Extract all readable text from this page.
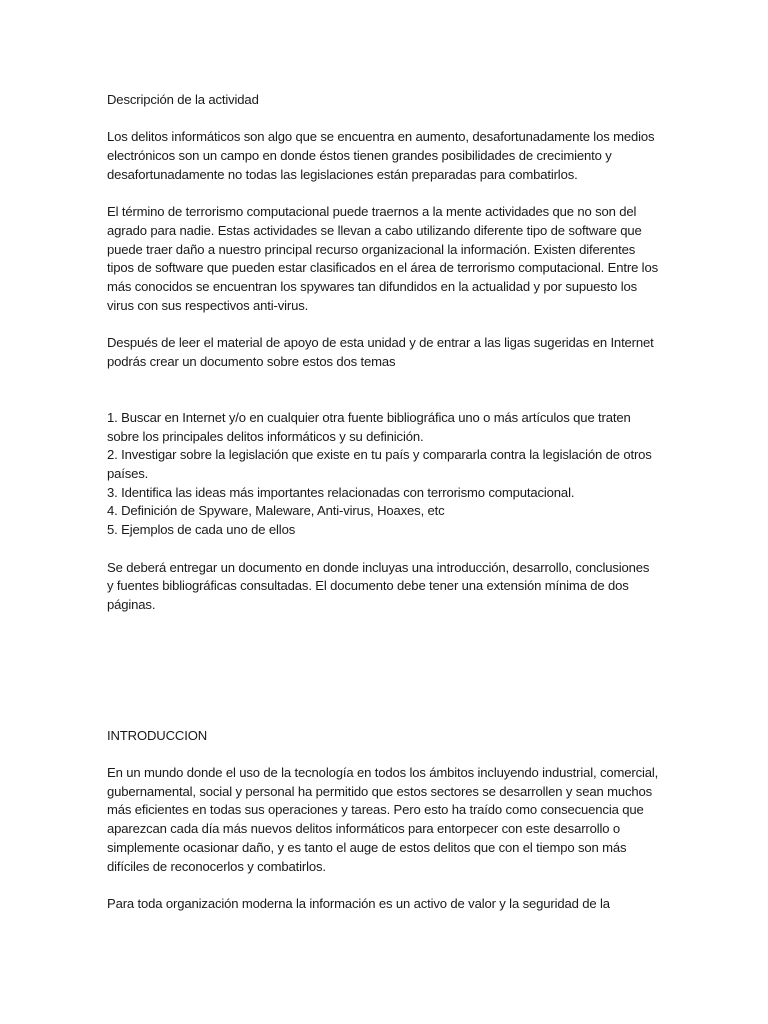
Descripción de la actividad

Los delitos informáticos son algo que se encuentra en aumento, desafortunadamente los medios electrónicos son un campo en donde éstos tienen grandes posibilidades de crecimiento y desafortunadamente no todas las legislaciones están preparadas para combatirlos.

El término de terrorismo computacional puede traernos a la mente actividades que no son del agrado para nadie. Estas actividades se llevan a cabo utilizando diferente tipo de software que puede traer daño a nuestro principal recurso organizacional la información. Existen diferentes tipos de software que pueden estar clasificados en el área de terrorismo computacional. Entre los más conocidos se encuentran los spywares tan difundidos en la actualidad y por supuesto los virus con sus respectivos anti-virus.

Después de leer el material de apoyo de esta unidad y de entrar a las ligas sugeridas en Internet podrás crear un documento sobre estos dos temas

1. Buscar en Internet y/o en cualquier otra fuente bibliográfica uno o más artículos que traten sobre los principales delitos informáticos y su definición.

2. Investigar sobre la legislación que existe en tu país y compararla contra la legislación de otros países.

3. Identifica las ideas más importantes relacionadas con terrorismo computacional.

4. Definición de Spyware, Maleware, Anti-virus, Hoaxes, etc

5. Ejemplos de cada uno de ellos

Se deberá entregar un documento en donde incluyas una introducción, desarrollo, conclusiones y fuentes bibliográficas consultadas. El documento debe tener una extensión mínima de dos páginas.

INTRODUCCION

En un mundo donde el uso de la tecnología en todos los ámbitos incluyendo industrial, comercial, gubernamental, social y personal ha permitido que estos sectores se desarrollen y sean muchos más eficientes en todas sus operaciones y tareas. Pero esto ha traído como consecuencia que aparezcan cada día más nuevos delitos informáticos para entorpecer con este desarrollo o simplemente ocasionar daño, y es tanto el auge de estos delitos que con el tiempo son más difíciles de reconocerlos y combatirlos.

Para toda organización moderna la información es un activo de valor y la seguridad de la
